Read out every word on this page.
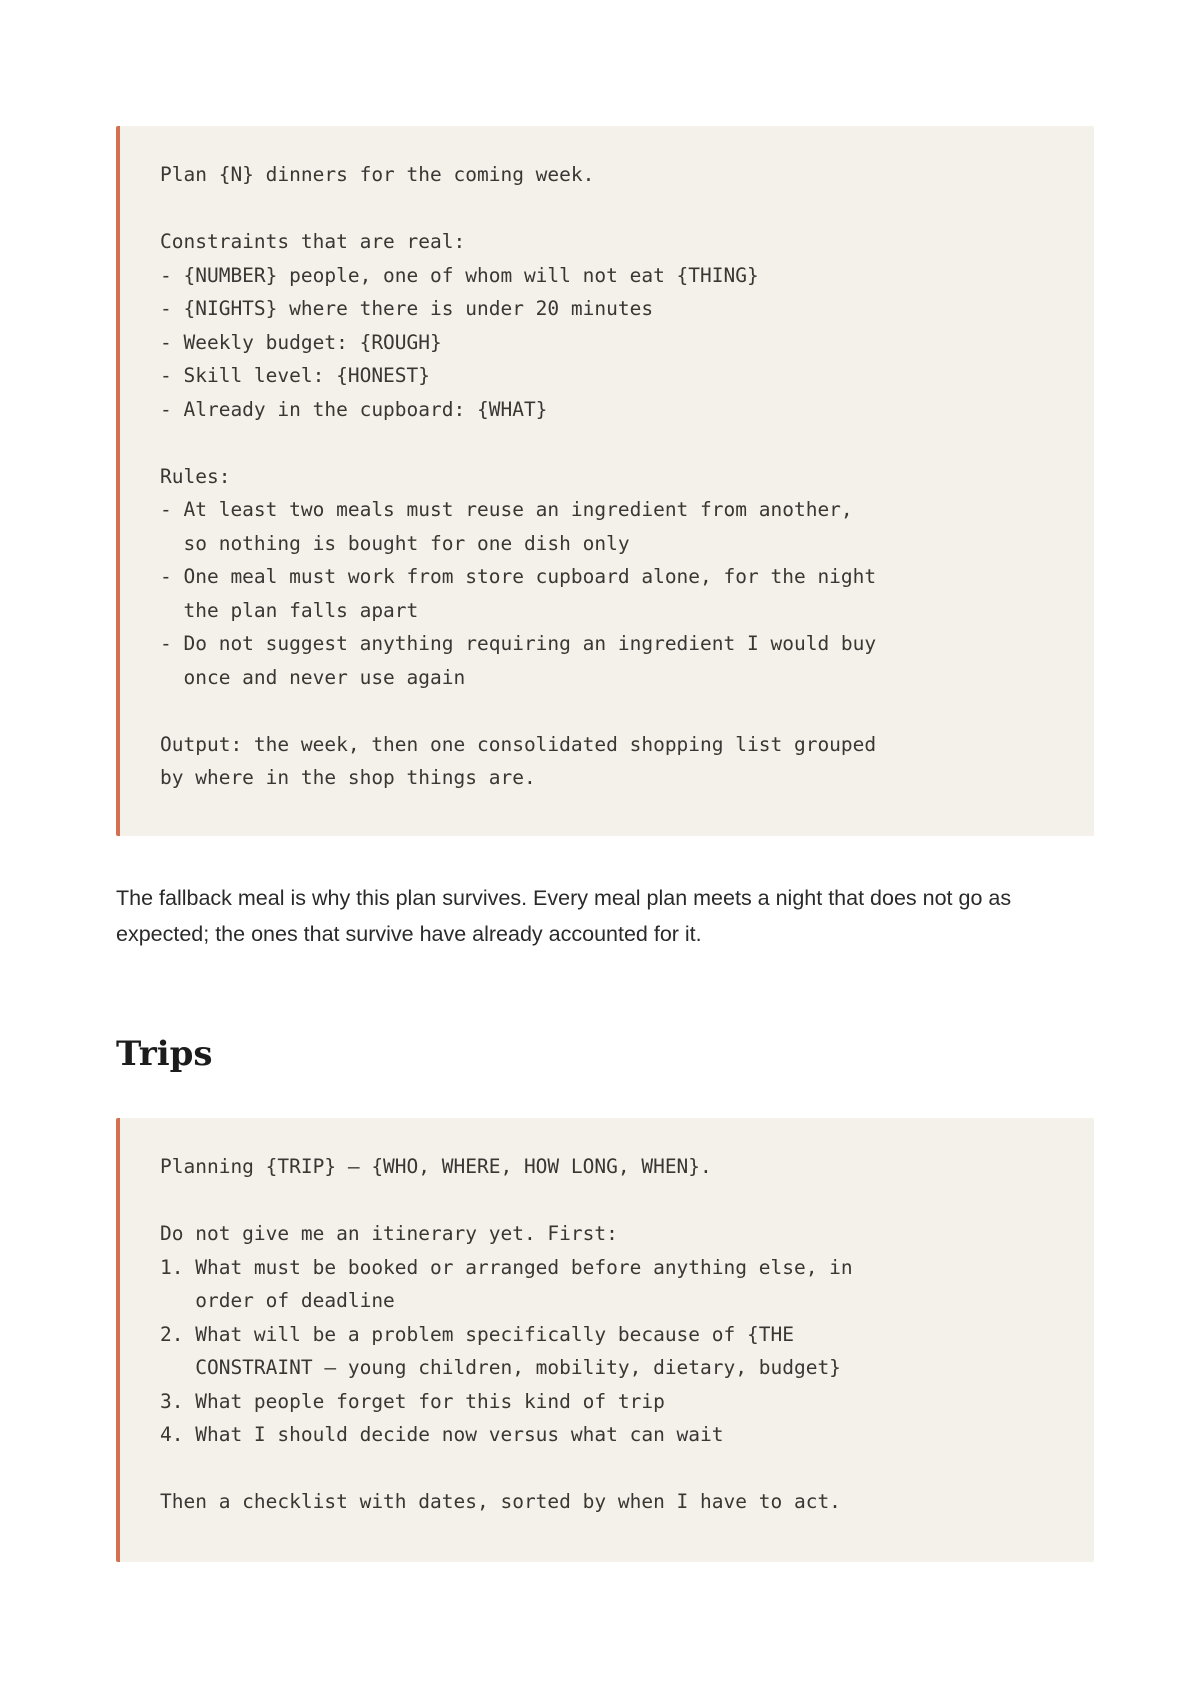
Plan {N} dinners for the coming week.

Constraints that are real:
- {NUMBER} people, one of whom will not eat {THING}
- {NIGHTS} where there is under 20 minutes
- Weekly budget: {ROUGH}
- Skill level: {HONEST}
- Already in the cupboard: {WHAT}

Rules:
- At least two meals must reuse an ingredient from another,
so nothing is bought for one dish only
- One meal must work from store cupboard alone, for the night
the plan falls apart
- Do not suggest anything requiring an ingredient I would buy
once and never use again

Output: the week, then one consolidated shopping list grouped
by where in the shop things are.

The fallback meal is why this plan survives. Every meal plan meets a night that does not go as expected; the ones that survive have already accounted for it.

Trips
Planning {TRIP} — {WHO, WHERE, HOW LONG, WHEN}.

Do not give me an itinerary yet. First:
1. What must be booked or arranged before anything else, in
order of deadline
2. What will be a problem specifically because of {THE
CONSTRAINT — young children, mobility, dietary, budget}
3. What people forget for this kind of trip
4. What I should decide now versus what can wait

Then a checklist with dates, sorted by when I have to act.
